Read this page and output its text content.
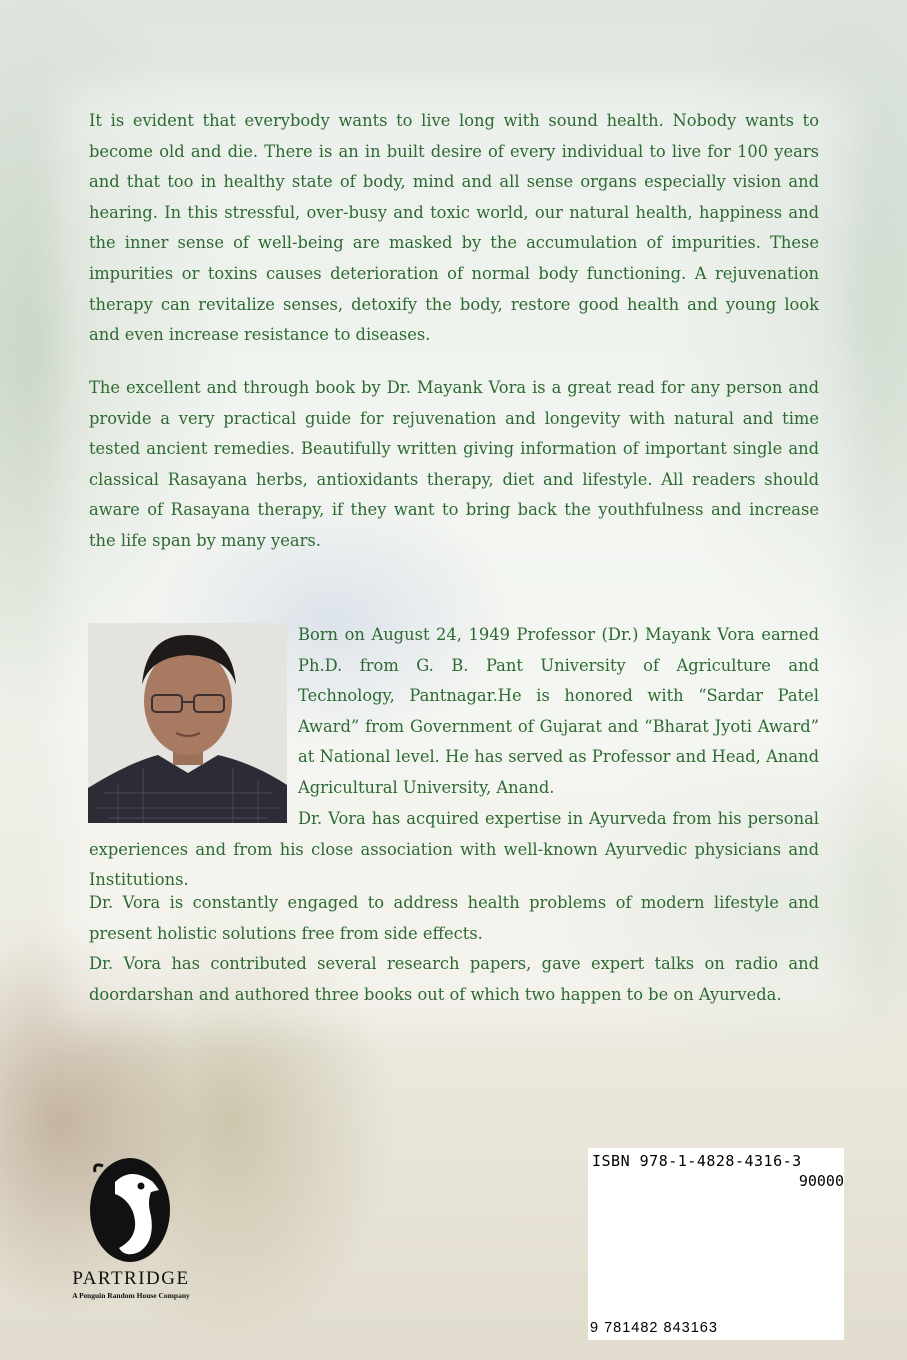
It is evident that everybody wants to live long with sound health. Nobody wants to become old and die. There is an in built desire of every individual to live for 100 years and that too in healthy state of body, mind and all sense organs especially vision and hearing. In this stressful, over-busy and toxic world, our natural health, happiness and the inner sense of well-being are masked by the accumulation of impurities. These impurities or toxins causes deterioration of normal body functioning. A rejuvenation therapy can revitalize senses, detoxify the body, restore good health and young look and even increase resistance to diseases.

The excellent and through book by Dr. Mayank Vora is a great read for any person and provide a very practical guide for rejuvenation and longevity with natural and time tested ancient remedies. Beautifully written giving information of important single and classical Rasayana herbs, antioxidants therapy, diet and lifestyle. All readers should aware of Rasayana therapy, if they want to bring back the youthfulness and increase the life span by many years.

Born on August 24, 1949 Professor (Dr.) Mayank Vora earned Ph.D. from G. B. Pant University of Agriculture and Technology, Pantnagar.He is honored with “Sardar Patel Award” from Government of Gujarat and “Bharat Jyoti Award” at National level. He has served as Professor and Head, Anand Agricultural University, Anand.

Dr. Vora has acquired expertise in Ayurveda from his personal experiences and from his close association with well-known Ayurvedic physicians and Institutions.

Dr. Vora is constantly engaged to address health problems of modern lifestyle and present holistic solutions free from side effects.

Dr. Vora has contributed several research papers, gave expert talks on radio and doordarshan and authored three books out of which two happen to be on Ayurveda.

PARTRIDGE
A Penguin Random House Company
ISBN 978-1-4828-4316-3
90000
9 781482 843163
